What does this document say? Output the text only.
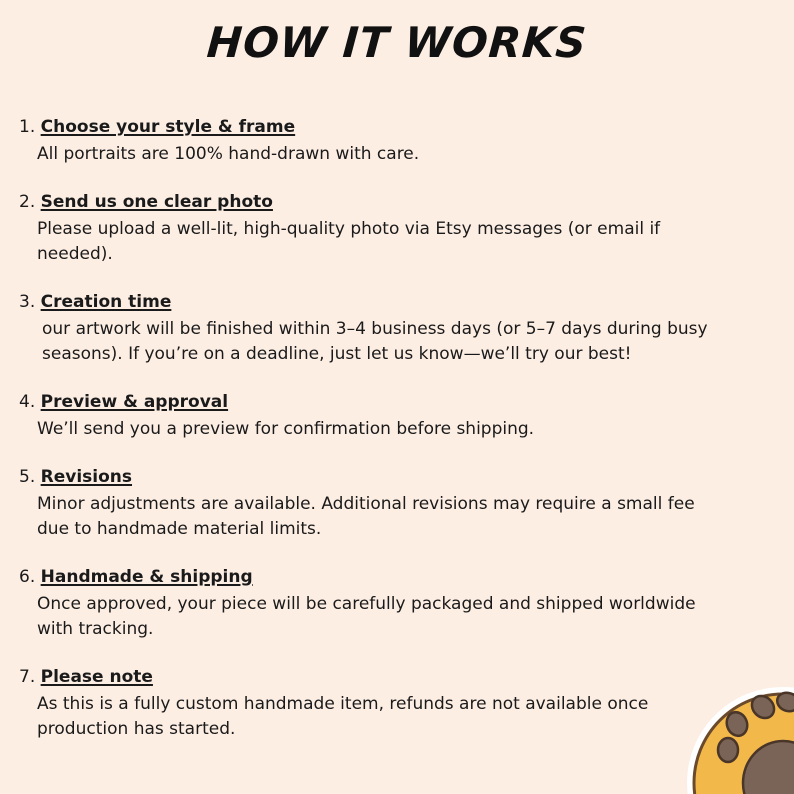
HOW IT WORKS
1. Choose your style & frame
All portraits are 100% hand-drawn with care.
2. Send us one clear photo
Please upload a well-lit, high-quality photo via Etsy messages (or email if needed).
3. Creation time
our artwork will be finished within 3–4 business days (or 5–7 days during busy seasons). If you’re on a deadline, just let us know—we’ll try our best!
4. Preview & approval
We’ll send you a preview for confirmation before shipping.
5. Revisions
Minor adjustments are available. Additional revisions may require a small fee due to handmade material limits.
6. Handmade & shipping
Once approved, your piece will be carefully packaged and shipped worldwide with tracking.
7. Please note
As this is a fully custom handmade item, refunds are not available once production has started.
